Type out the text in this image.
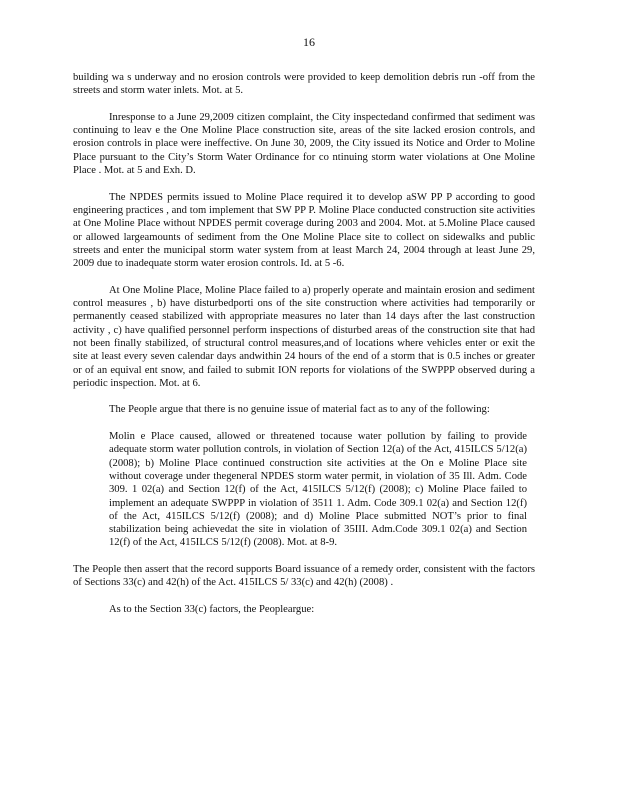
16

building wa s underway and no erosion controls were provided to keep demolition debris run -off from the streets and storm water inlets. Mot. at 5.

Inresponse to a June 29,2009 citizen complaint, the City inspectedand confirmed that sediment was continuing to leav e the One Moline Place construction site, areas of the site lacked erosion controls, and erosion controls in place were ineffective. On June 30, 2009, the City issued its Notice and Order to Moline Place pursuant to the City’s Storm Water Ordinance for co ntinuing storm water violations at One Moline Place . Mot. at 5 and Exh. D.

The NPDES permits issued to Moline Place required it to develop aSW PP P according to good engineering practices , and tom implement that SW PP P. Moline Place conducted construction site activities at One Moline Place without NPDES permit coverage during 2003 and 2004. Mot. at 5.Moline Place caused or allowed largeamounts of sediment from the One Moline Place site to collect on sidewalks and public streets and enter the municipal storm water system from at least March 24, 2004 through at least June 29, 2009 due to inadequate storm water erosion controls. Id. at 5 -6.

At One Moline Place, Moline Place failed to a) properly operate and maintain erosion and sediment control measures , b) have disturbedporti ons of the site construction where activities had temporarily or permanently ceased stabilized with appropriate measures no later than 14 days after the last construction activity , c) have qualified personnel perform inspections of disturbed areas of the construction site that had not been finally stabilized, of structural control measures,and of locations where vehicles enter or exit the site at least every seven calendar days andwithin 24 hours of the end of a storm that is 0.5 inches or greater or of an equival ent snow, and failed to submit ION reports for violations of the SWPPP observed during a periodic inspection. Mot. at 6.

The People argue that there is no genuine issue of material fact as to any of the following:

Molin e Place caused, allowed or threatened tocause water pollution by failing to provide adequate storm water pollution controls, in violation of Section 12(a) of the Act, 415ILCS 5/12(a)(2008); b) Moline Place continued construction site activities at the On e Moline Place site without coverage under thegeneral NPDES storm water permit, in violation of 35 Ill. Adm. Code 309. 1 02(a) and Section 12(f) of the Act, 415ILCS 5/12(f) (2008); c) Moline Place failed to implement an adequate SWPPP in violation of 3511 1. Adm. Code 309.1 02(a) and Section 12(f) of the Act, 415ILCS 5/12(f) (2008); and d) Moline Place submitted NOT’s prior to final stabilization being achievedat the site in violation of 35III. Adm.Code 309.1 02(a) and Section 12(f) of the Act, 415ILCS 5/12(f) (2008). Mot. at 8-9.

The People then assert that the record supports Board issuance of a remedy order, consistent with the factors of Sections 33(c) and 42(h) of the Act. 415ILCS 5/ 33(c) and 42(h) (2008) .

As to the Section 33(c) factors, the Peopleargue:
